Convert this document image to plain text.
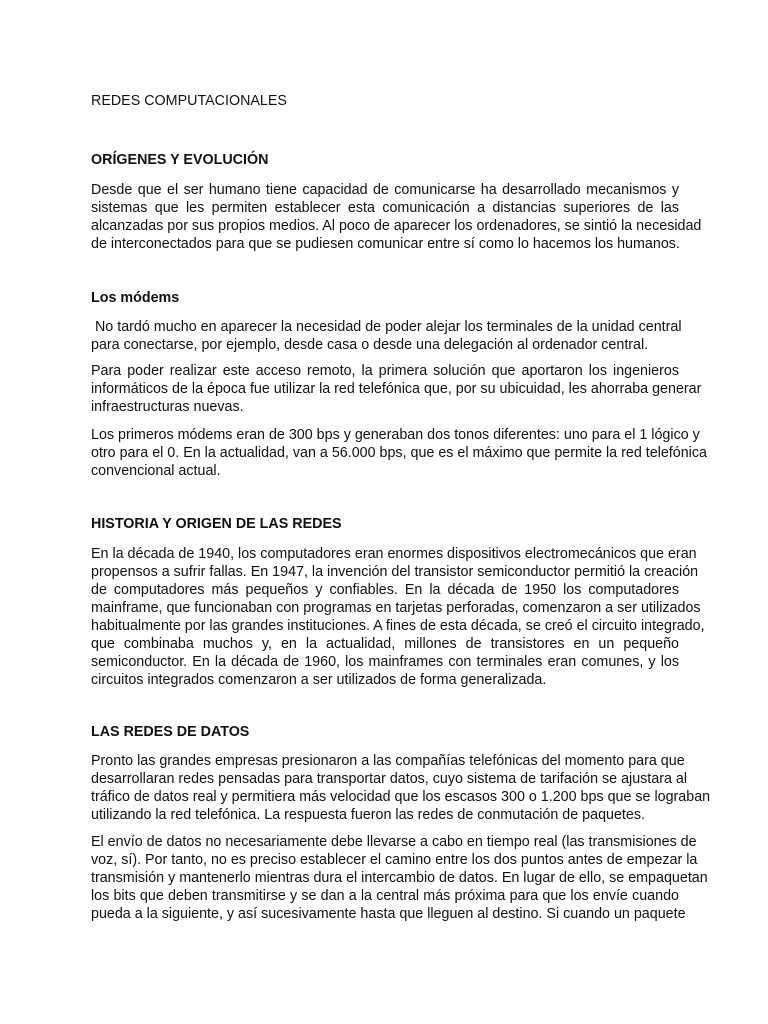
REDES COMPUTACIONALES
ORÍGENES Y EVOLUCIÓN
Desde que el ser humano tiene capacidad de comunicarse ha desarrollado mecanismos y
sistemas que les permiten establecer esta comunicación a distancias superiores de las
alcanzadas por sus propios medios. Al poco de aparecer los ordenadores, se sintió la necesidad
de interconectados para que se pudiesen comunicar entre sí como lo hacemos los humanos.
Los módems
No tardó mucho en aparecer la necesidad de poder alejar los terminales de la unidad central
para conectarse, por ejemplo, desde casa o desde una delegación al ordenador central.
Para poder realizar este acceso remoto, la primera solución que aportaron los ingenieros
informáticos de la época fue utilizar la red telefónica que, por su ubicuidad, les ahorraba generar
infraestructuras nuevas.
Los primeros módems eran de 300 bps y generaban dos tonos diferentes: uno para el 1 lógico y
otro para el 0. En la actualidad, van a 56.000 bps, que es el máximo que permite la red telefónica
convencional actual.
HISTORIA Y ORIGEN DE LAS REDES
En la década de 1940, los computadores eran enormes dispositivos electromecánicos que eran
propensos a sufrir fallas. En 1947, la invención del transistor semiconductor permitió la creación
de computadores más pequeños y confiables. En la década de 1950 los computadores
mainframe, que funcionaban con programas en tarjetas perforadas, comenzaron a ser utilizados
habitualmente por las grandes instituciones. A fines de esta década, se creó el circuito integrado,
que combinaba muchos y, en la actualidad, millones de transistores en un pequeño
semiconductor. En la década de 1960, los mainframes con terminales eran comunes, y los
circuitos integrados comenzaron a ser utilizados de forma generalizada.
LAS REDES DE DATOS
Pronto las grandes empresas presionaron a las compañías telefónicas del momento para que
desarrollaran redes pensadas para transportar datos, cuyo sistema de tarifación se ajustara al
tráfico de datos real y permitiera más velocidad que los escasos 300 o 1.200 bps que se lograban
utilizando la red telefónica. La respuesta fueron las redes de conmutación de paquetes.
El envío de datos no necesariamente debe llevarse a cabo en tiempo real (las transmisiones de
voz, sí). Por tanto, no es preciso establecer el camino entre los dos puntos antes de empezar la
transmisión y mantenerlo mientras dura el intercambio de datos. En lugar de ello, se empaquetan
los bits que deben transmitirse y se dan a la central más próxima para que los envíe cuando
pueda a la siguiente, y así sucesivamente hasta que lleguen al destino. Si cuando un paquete
